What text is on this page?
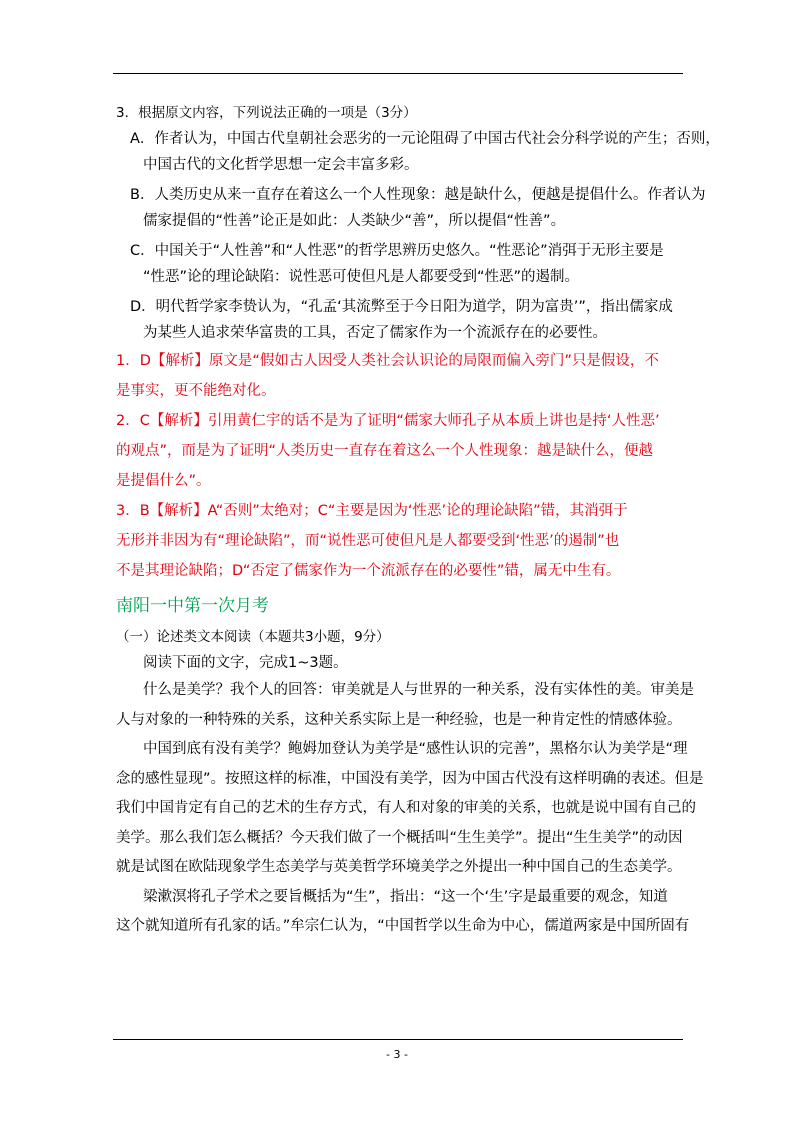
3．根据原文内容，下列说法正确的一项是（3分）
A．作者认为，中国古代皇朝社会恶劣的一元论阻碍了中国古代社会分科学说的产生；否则，
中国古代的文化哲学思想一定会丰富多彩。
B．人类历史从来一直存在着这么一个人性现象：越是缺什么，便越是提倡什么。作者认为
儒家提倡的“性善”论正是如此：人类缺少“善”，所以提倡“性善”。
C．中国关于“人性善”和“人性恶”的哲学思辨历史悠久。“性恶论”消弭于无形主要是
“性恶”论的理论缺陷：说性恶可使但凡是人都要受到“性恶”的遏制。
D．明代哲学家李贽认为，“孔孟‘其流弊至于今日阳为道学，阴为富贵’”，指出儒家成
为某些人追求荣华富贵的工具，否定了儒家作为一个流派存在的必要性。
1．D【解析】原文是“假如古人因受人类社会认识论的局限而偏入旁门”只是假设，不
是事实，更不能绝对化。
2．C【解析】引用黄仁宇的话不是为了证明“儒家大师孔子从本质上讲也是持‘人性恶’
的观点”，而是为了证明“人类历史一直存在着这么一个人性现象：越是缺什么，便越
是提倡什么”。
3．B【解析】A“否则”太绝对；C“主要是因为‘性恶’论的理论缺陷”错，其消弭于
无形并非因为有“理论缺陷”，而“说性恶可使但凡是人都要受到‘性恶’的遏制”也
不是其理论缺陷；D“否定了儒家作为一个流派存在的必要性”错，属无中生有。
南阳一中第一次月考
（一）论述类文本阅读（本题共3小题，9分）
阅读下面的文字，完成1~3题。
什么是美学？我个人的回答：审美就是人与世界的一种关系，没有实体性的美。审美是
人与对象的一种特殊的关系，这种关系实际上是一种经验，也是一种肯定性的情感体验。
中国到底有没有美学？鲍姆加登认为美学是“感性认识的完善”，黑格尔认为美学是“理
念的感性显现”。按照这样的标准，中国没有美学，因为中国古代没有这样明确的表述。但是
我们中国肯定有自己的艺术的生存方式，有人和对象的审美的关系，也就是说中国有自己的
美学。那么我们怎么概括？今天我们做了一个概括叫“生生美学”。提出“生生美学”的动因
就是试图在欧陆现象学生态美学与英美哲学环境美学之外提出一种中国自己的生态美学。
梁漱溟将孔子学术之要旨概括为“生”，指出：“这一个‘生’字是最重要的观念，知道
这个就知道所有孔家的话。”牟宗仁认为，“中国哲学以生命为中心，儒道两家是中国所固有
- 3 -
